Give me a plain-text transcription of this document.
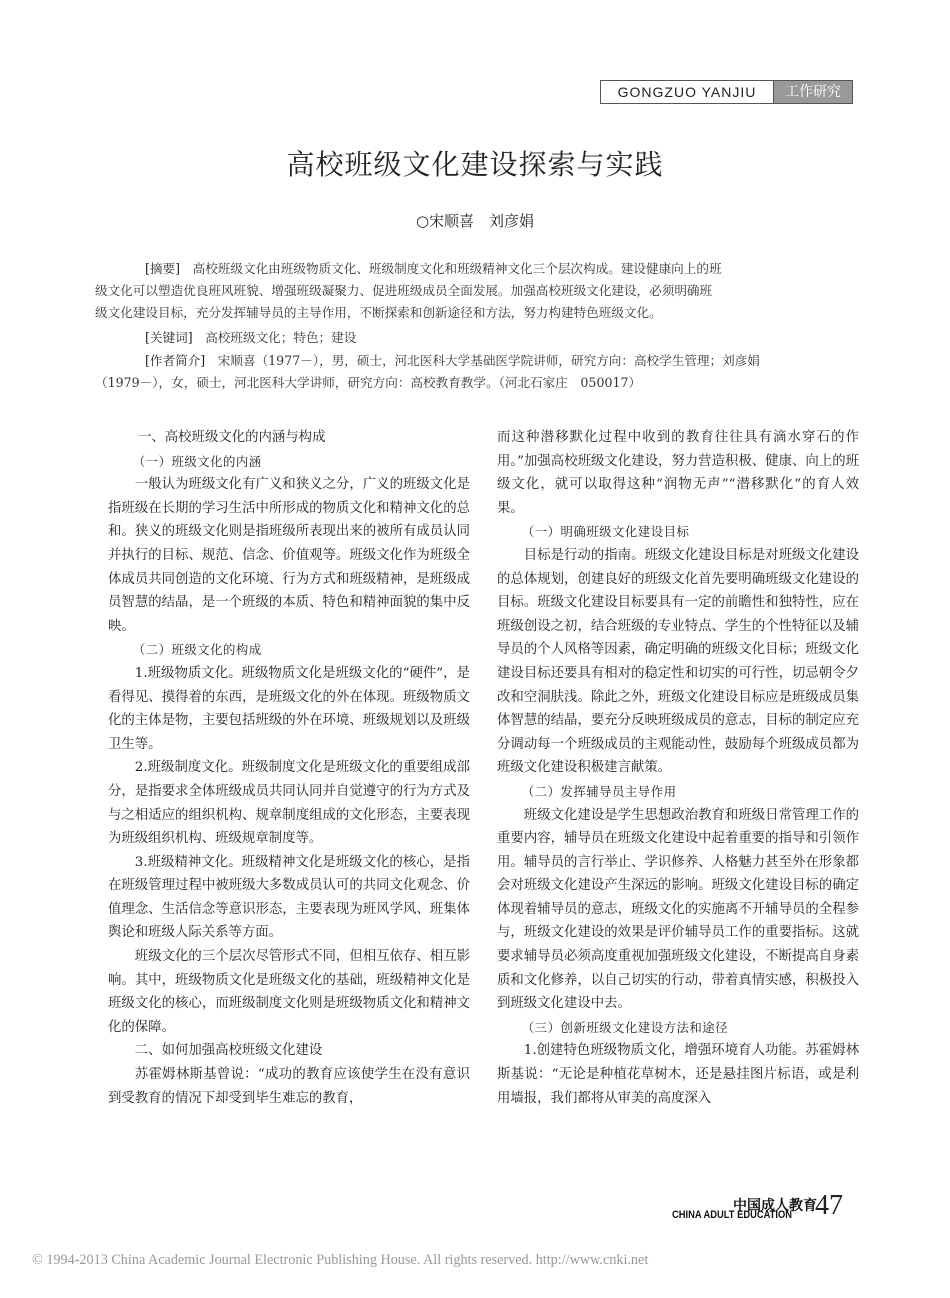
GONGZUO YANJIU	工作研究
高校班级文化建设探索与实践
○宋顺喜　刘彦娟
[摘要]　 高校班级文化由班级物质文化、班级制度文化和班级精神文化三个层次构成。建设健康向上的班
级文化可以塑造优良班风班貌、增强班级凝聚力、促进班级成员全面发展。加强高校班级文化建设，必须明确班
级文化建设目标，充分发挥辅导员的主导作用，不断探索和创新途径和方法，努力构建特色班级文化。
[关键词]　 高校班级文化；特色；建设
[作者简介]　 宋顺喜（1977－），男，硕士，河北医科大学基础医学院讲师，研究方向：高校学生管理；刘彦娟
（1979－），女，硕士，河北医科大学讲师，研究方向：高校教育教学。（河北石家庄　050017）

一、高校班级文化的内涵与构成

（一）班级文化的内涵

一般认为班级文化有广义和狭义之分，广义的班级文化是指班级在长期的学习生活中所形成的物质文化和精神文化的总和。狭义的班级文化则是指班级所表现出来的被所有成员认同并执行的目标、规范、信念、价值观等。班级文化作为班级全体成员共同创造的文化环境、行为方式和班级精神，是班级成员智慧的结晶，是一个班级的本质、特色和精神面貌的集中反映。

（二）班级文化的构成

1.班级物质文化。班级物质文化是班级文化的“硬件”，是看得见、摸得着的东西，是班级文化的外在体现。班级物质文化的主体是物，主要包括班级的外在环境、班级规划以及班级卫生等。

2.班级制度文化。班级制度文化是班级文化的重要组成部分，是指要求全体班级成员共同认同并自觉遵守的行为方式及与之相适应的组织机构、规章制度组成的文化形态，主要表现为班级组织机构、班级规章制度等。

3.班级精神文化。班级精神文化是班级文化的核心，是指在班级管理过程中被班级大多数成员认可的共同文化观念、价值理念、生活信念等意识形态，主要表现为班风学风、班集体舆论和班级人际关系等方面。

班级文化的三个层次尽管形式不同，但相互依存、相互影响。其中，班级物质文化是班级文化的基础，班级精神文化是班级文化的核心，而班级制度文化则是班级物质文化和精神文化的保障。

二、如何加强高校班级文化建设

苏霍姆林斯基曾说：“成功的教育应该使学生在没有意识到受教育的情况下却受到毕生难忘的教育，

而这种潜移默化过程中收到的教育往往具有滴水穿石的作用。”加强高校班级文化建设，努力营造积极、健康、向上的班级文化，就可以取得这种“润物无声”“潜移默化”的育人效果。

（一）明确班级文化建设目标

目标是行动的指南。班级文化建设目标是对班级文化建设的总体规划，创建良好的班级文化首先要明确班级文化建设的目标。班级文化建设目标要具有一定的前瞻性和独特性，应在班级创设之初，结合班级的专业特点、学生的个性特征以及辅导员的个人风格等因素，确定明确的班级文化目标；班级文化建设目标还要具有相对的稳定性和切实的可行性，切忌朝令夕改和空洞肤浅。除此之外，班级文化建设目标应是班级成员集体智慧的结晶，要充分反映班级成员的意志，目标的制定应充分调动每一个班级成员的主观能动性，鼓励每个班级成员都为班级文化建设积极建言献策。

（二）发挥辅导员主导作用

班级文化建设是学生思想政治教育和班级日常管理工作的重要内容，辅导员在班级文化建设中起着重要的指导和引领作用。辅导员的言行举止、学识修养、人格魅力甚至外在形象都会对班级文化建设产生深远的影响。班级文化建设目标的确定体现着辅导员的意志，班级文化的实施离不开辅导员的全程参与，班级文化建设的效果是评价辅导员工作的重要指标。这就要求辅导员必须高度重视加强班级文化建设，不断提高自身素质和文化修养，以自己切实的行动，带着真情实感，积极投入到班级文化建设中去。

（三）创新班级文化建设方法和途径

1.创建特色班级物质文化，增强环境育人功能。苏霍姆林斯基说：“无论是种植花草树木，还是悬挂图片标语，或是利用墙报，我们都将从审美的高度深入

中国成人教育
CHINA ADULT EDUCATION 47
© 1994-2013 China Academic Journal Electronic Publishing House. All rights reserved. http://www.cnki.net
